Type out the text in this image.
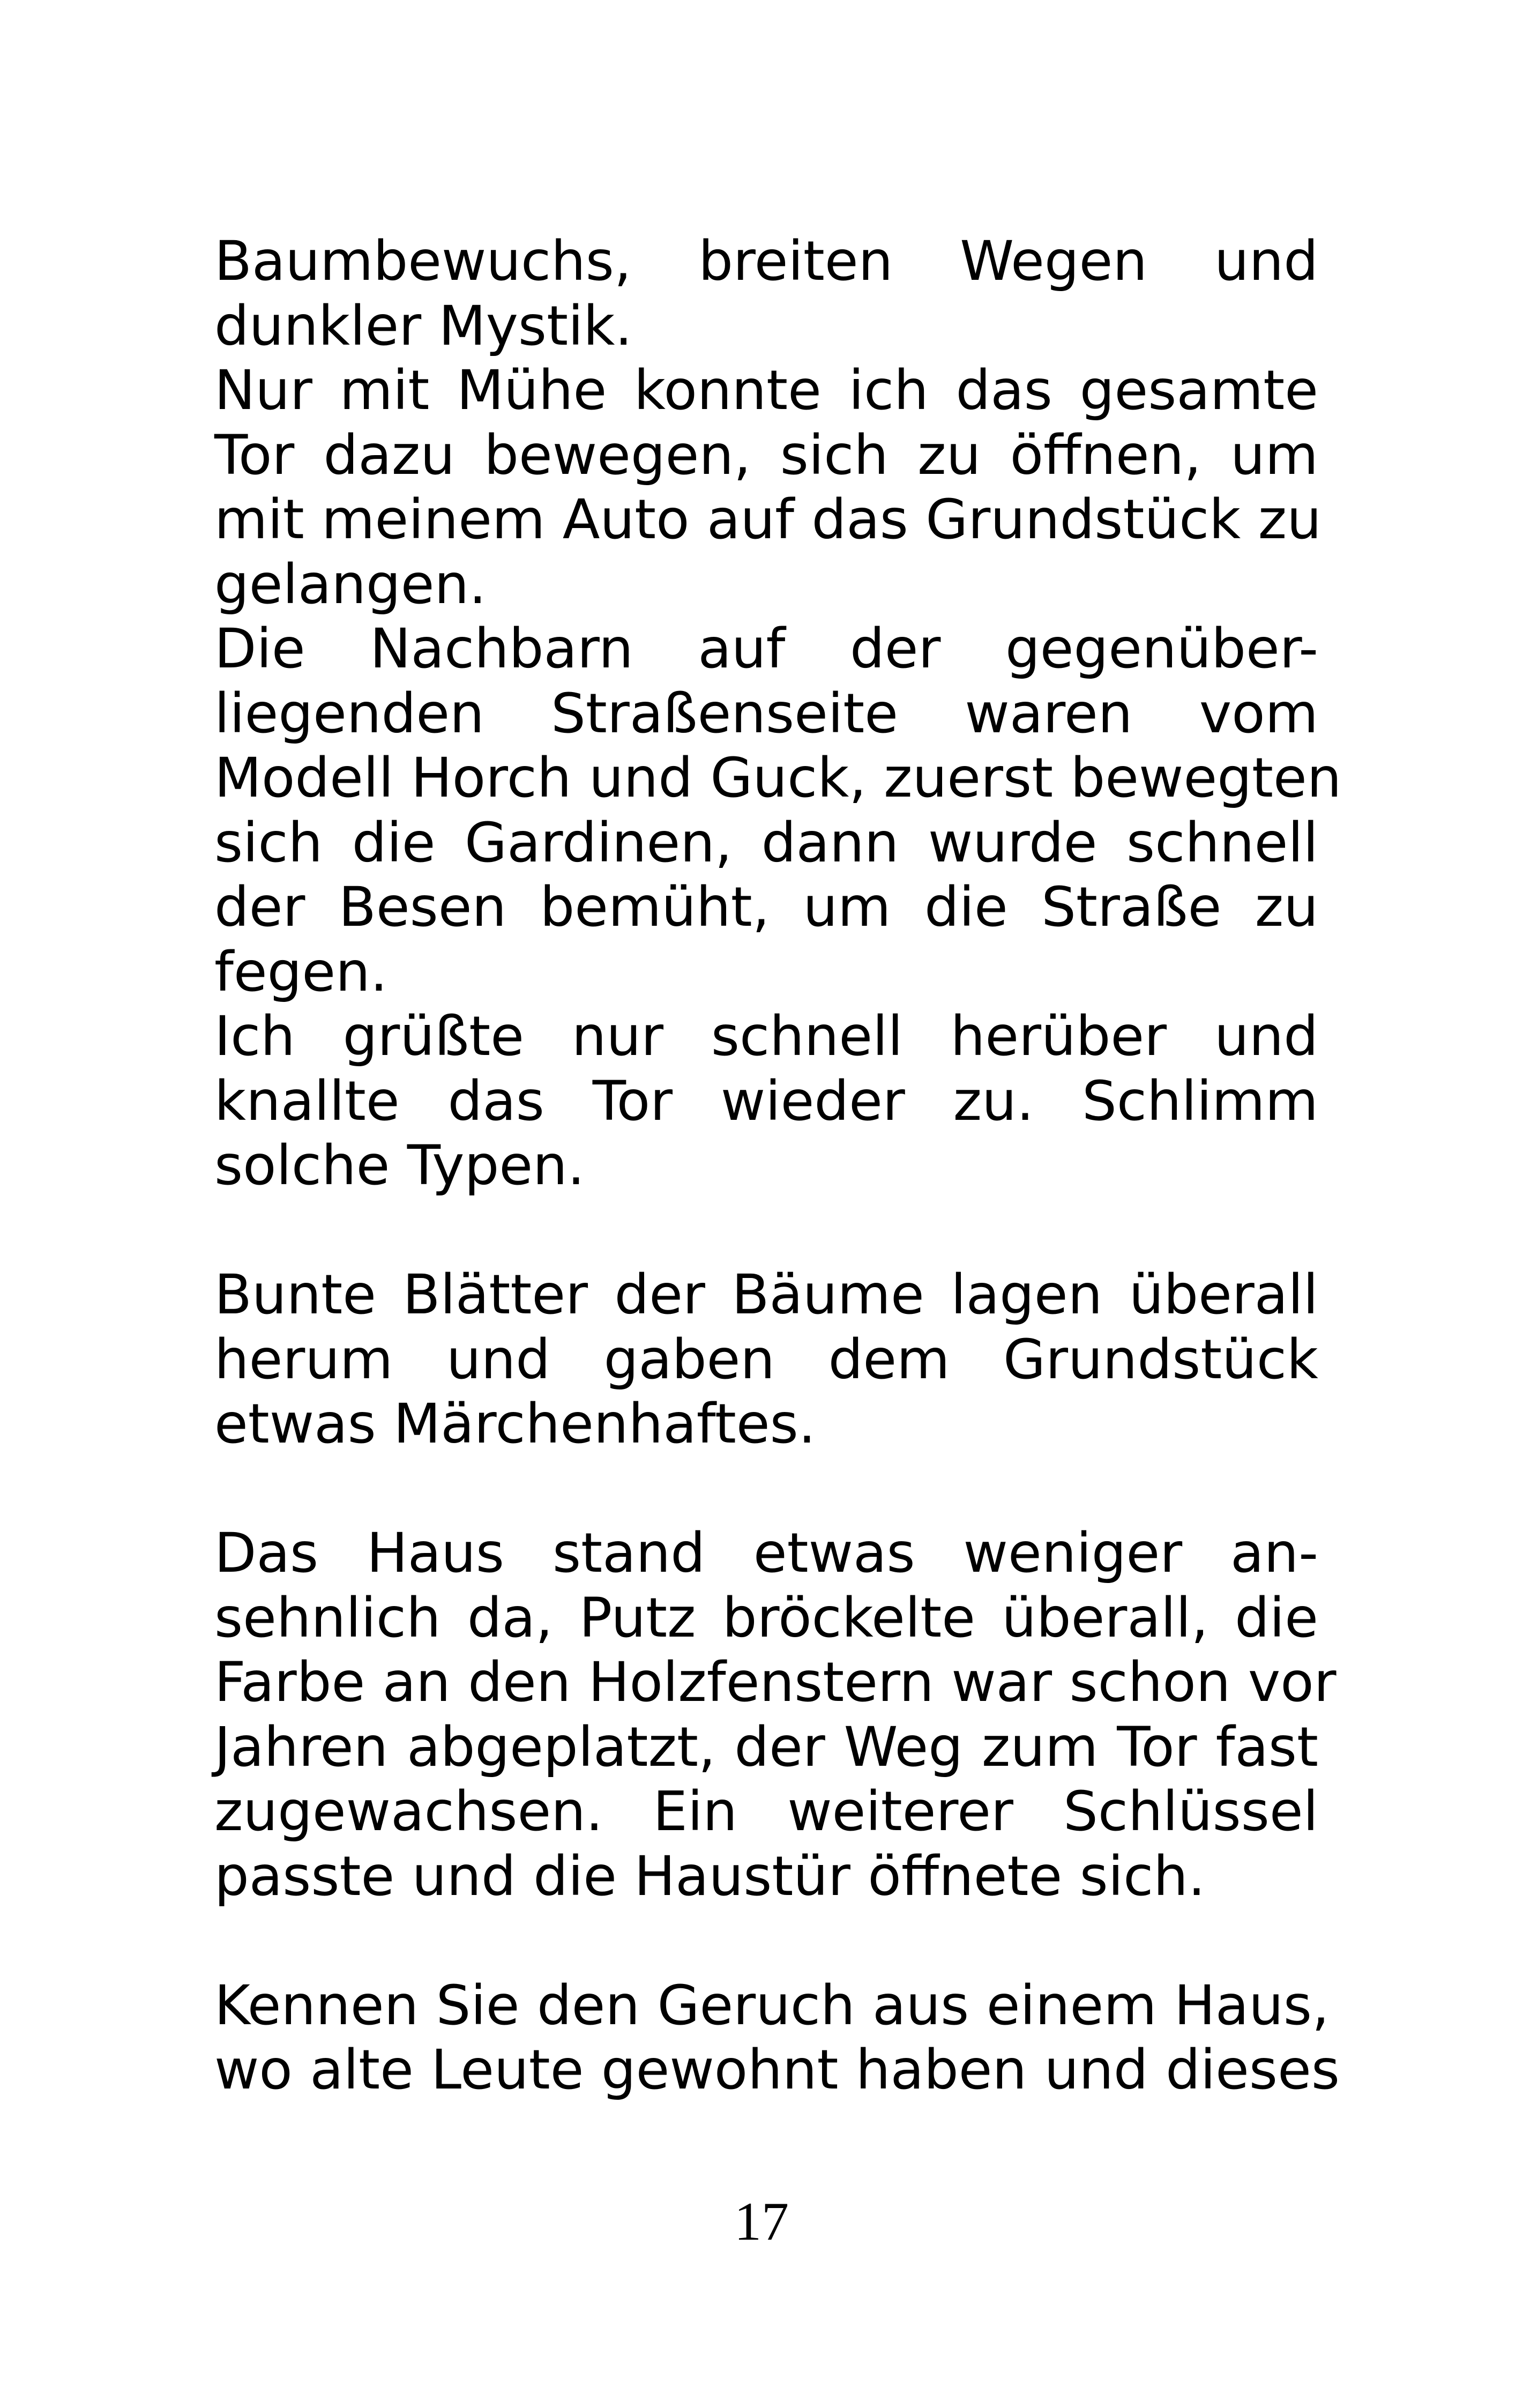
Baumbewuchs, breiten Wegen und
dunkler Mystik.
Nur mit Mühe konnte ich das gesamte
Tor dazu bewegen, sich zu öffnen, um
mit meinem Auto auf das Grundstück zu
gelangen.
Die Nachbarn auf der gegenüber-
liegenden Straßenseite waren vom
Modell Horch und Guck, zuerst bewegten
sich die Gardinen, dann wurde schnell
der Besen bemüht, um die Straße zu
fegen.
Ich grüßte nur schnell herüber und
knallte das Tor wieder zu. Schlimm
solche Typen.
Bunte Blätter der Bäume lagen überall
herum und gaben dem Grundstück
etwas Märchenhaftes.
Das Haus stand etwas weniger an-
sehnlich da, Putz bröckelte überall, die
Farbe an den Holzfenstern war schon vor
Jahren abgeplatzt, der Weg zum Tor fast
zugewachsen. Ein weiterer Schlüssel
passte und die Haustür öffnete sich.
Kennen Sie den Geruch aus einem Haus,
wo alte Leute gewohnt haben und dieses
17
